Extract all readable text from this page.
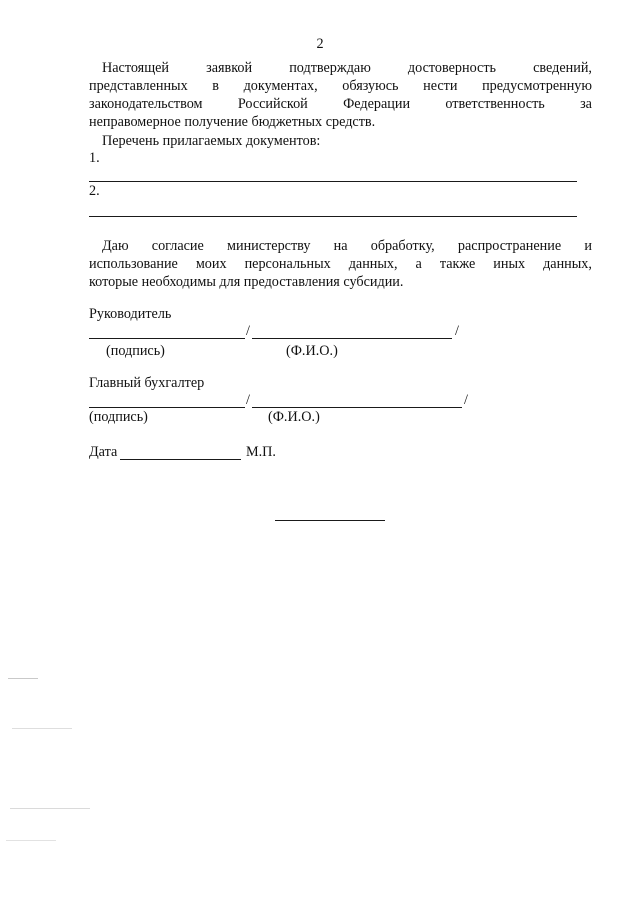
2
Настоящей	заявкой	подтверждаю	достоверность	сведений,
представленных в документах, обязуюсь нести предусмотренную
законодательством Российской Федерации ответственность за
неправомерное получение бюджетных средств.
Перечень прилагаемых документов:
1.
2.
Даю согласие министерству на обработку, распространение и
использование моих персональных данных, а также иных данных,
которые необходимы для предоставления субсидии.
Руководитель
/	/
(подпись)	(Ф.И.О.)
Главный бухгалтер
/	/
(подпись)	(Ф.И.О.)
Дата	М.П.
